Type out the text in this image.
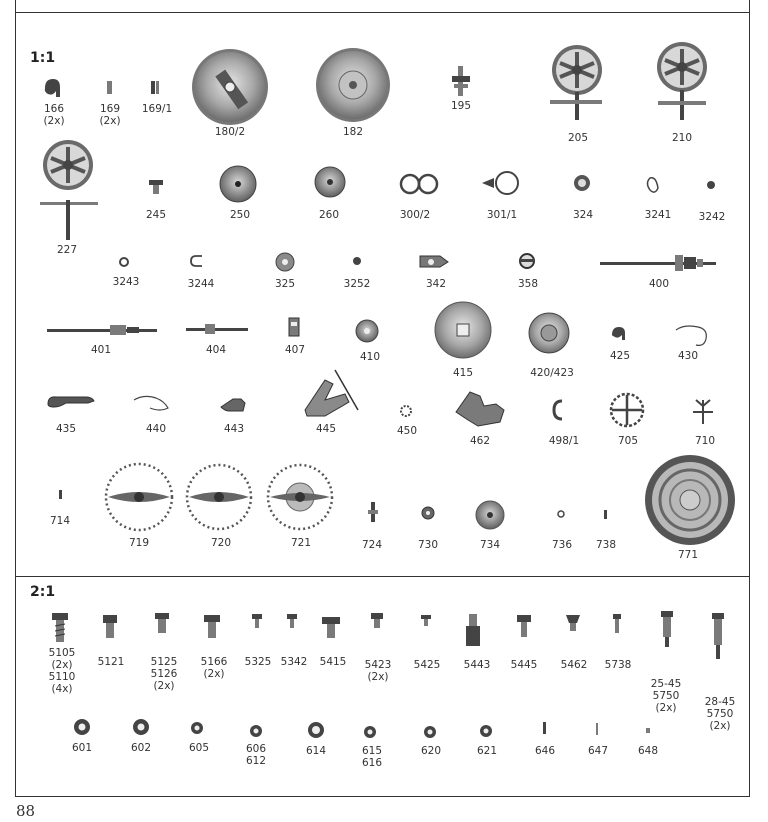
1:1
2:1
166
(2x)
169
(2x)
169/1
180/2	182
195
205	210
227
245	250	260	300/2	301/1	324	3241	3242
3243	3244	325	3252	342	358	400
401	404	407
410
415	420/423
425	430
435	440	443	445	450
462	498/1	705	710
714
719	720	721	724	730	734	736 738
771
5105
(2x)
5110
(4x)
5121	5125
5126
(2x)
5166
(2x)
5325 5342 5415 5423
(2x)
5425 5443 5445 5462 5738
25-45
5750
(2x)	28-45
5750
(2x)
601	602	605	606
612
614	615
616
620	621	646	647	648
88
